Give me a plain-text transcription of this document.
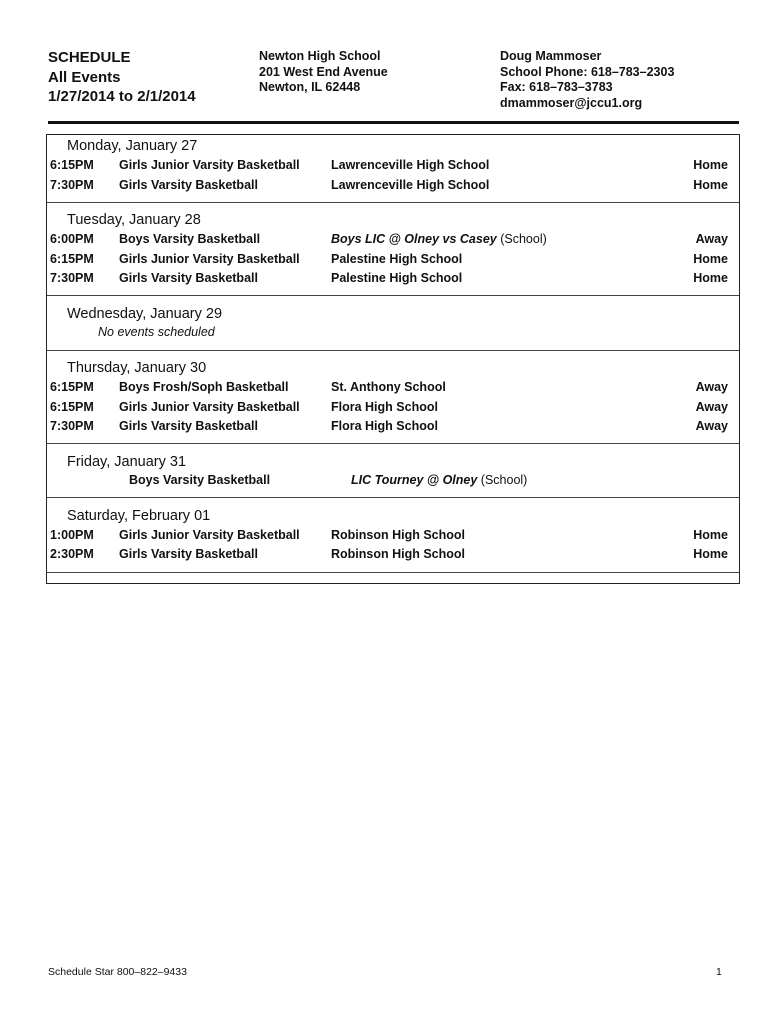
SCHEDULE
All Events
1/27/2014 to 2/1/2014
Newton High School
201 West End Avenue
Newton, IL 62448
Doug Mammoser
School Phone: 618–783–2303
Fax: 618–783–3783
dmammoser@jccu1.org
Monday, January 27
6:15PM Girls Junior Varsity Basketball	Lawrenceville High School	Home
7:30PM Girls Varsity Basketball	Lawrenceville High School	Home
Tuesday, January 28
6:00PM Boys Varsity Basketball	Boys LIC @ Olney vs Casey (School)	Away
6:15PM Girls Junior Varsity Basketball	Palestine High School	Home
7:30PM Girls Varsity Basketball	Palestine High School	Home
Wednesday, January 29
No events scheduled
Thursday, January 30
6:15PM Boys Frosh/Soph Basketball	St. Anthony School	Away
6:15PM Girls Junior Varsity Basketball	Flora High School	Away
7:30PM Girls Varsity Basketball	Flora High School	Away
Friday, January 31
Boys Varsity Basketball	LIC Tourney @ Olney (School)
Saturday, February 01
1:00PM Girls Junior Varsity Basketball	Robinson High School	Home
2:30PM Girls Varsity Basketball	Robinson High School	Home
Schedule Star 800–822–9433	1
